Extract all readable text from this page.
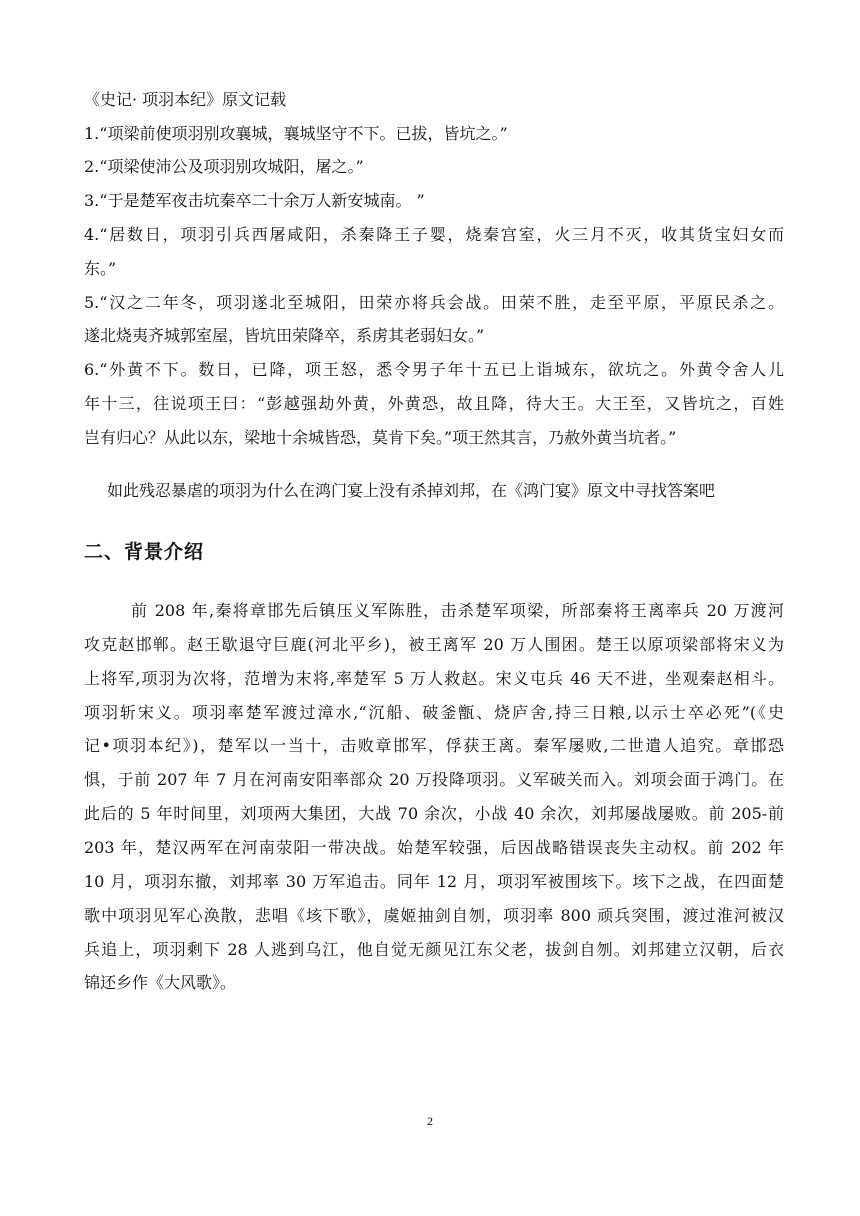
《史记· 项羽本纪》原文记载
1.“项梁前使项羽别攻襄城，襄城坚守不下。已拔，皆坑之。”
2.“项梁使沛公及项羽别攻城阳，屠之。”
3.“于是楚军夜击坑秦卒二十余万人新安城南。 ”
4.“居数日，项羽引兵西屠咸阳，杀秦降王子婴，烧秦宫室，火三月不灭，收其货宝妇女而
东。”
5.“汉之二年冬，项羽遂北至城阳，田荣亦将兵会战。田荣不胜，走至平原，平原民杀之。
遂北烧夷齐城郭室屋，皆坑田荣降卒，系虏其老弱妇女。”
6.“外黄不下。数日，已降，项王怒，悉令男子年十五已上诣城东，欲坑之。外黄令舍人儿
年十三，往说项王曰：“彭越强劫外黄，外黄恐，故且降，待大王。大王至，又皆坑之，百姓
岂有归心？从此以东，梁地十余城皆恐，莫肯下矣。”项王然其言，乃赦外黄当坑者。”
如此残忍暴虐的项羽为什么在鸿门宴上没有杀掉刘邦，在《鸿门宴》原文中寻找答案吧
二、背景介绍
前 208 年,秦将章邯先后镇压义军陈胜，击杀楚军项梁，所部秦将王离率兵 20 万渡河
攻克赵邯郸。赵王歇退守巨鹿(河北平乡)，被王离军 20 万人围困。楚王以原项梁部将宋义为
上将军,项羽为次将，范增为末将,率楚军 5 万人救赵。宋义屯兵 46 天不进，坐观秦赵相斗。
项羽斩宋义。项羽率楚军渡过漳水,“沉船、破釜甑、烧庐舍,持三日粮,以示士卒必死”(《史
记•项羽本纪》)，楚军以一当十，击败章邯军，俘获王离。秦军屡败,二世遣人追究。章邯恐
惧，于前 207 年 7 月在河南安阳率部众 20 万投降项羽。义军破关而入。刘项会面于鸿门。在
此后的 5 年时间里，刘项两大集团，大战 70 余次，小战 40 余次，刘邦屡战屡败。前 205-前
203 年，楚汉两军在河南荥阳一带决战。始楚军较强，后因战略错误丧失主动权。前 202 年
10 月，项羽东撤，刘邦率 30 万军追击。同年 12 月，项羽军被围垓下。垓下之战，在四面楚
歌中项羽见军心涣散，悲唱《垓下歌》，虞姬抽剑自刎，项羽率 800 顽兵突围，渡过淮河被汉
兵追上，项羽剩下 28 人逃到乌江，他自觉无颜见江东父老，拔剑自刎。刘邦建立汉朝，后衣
锦还乡作《大风歌》。
2
